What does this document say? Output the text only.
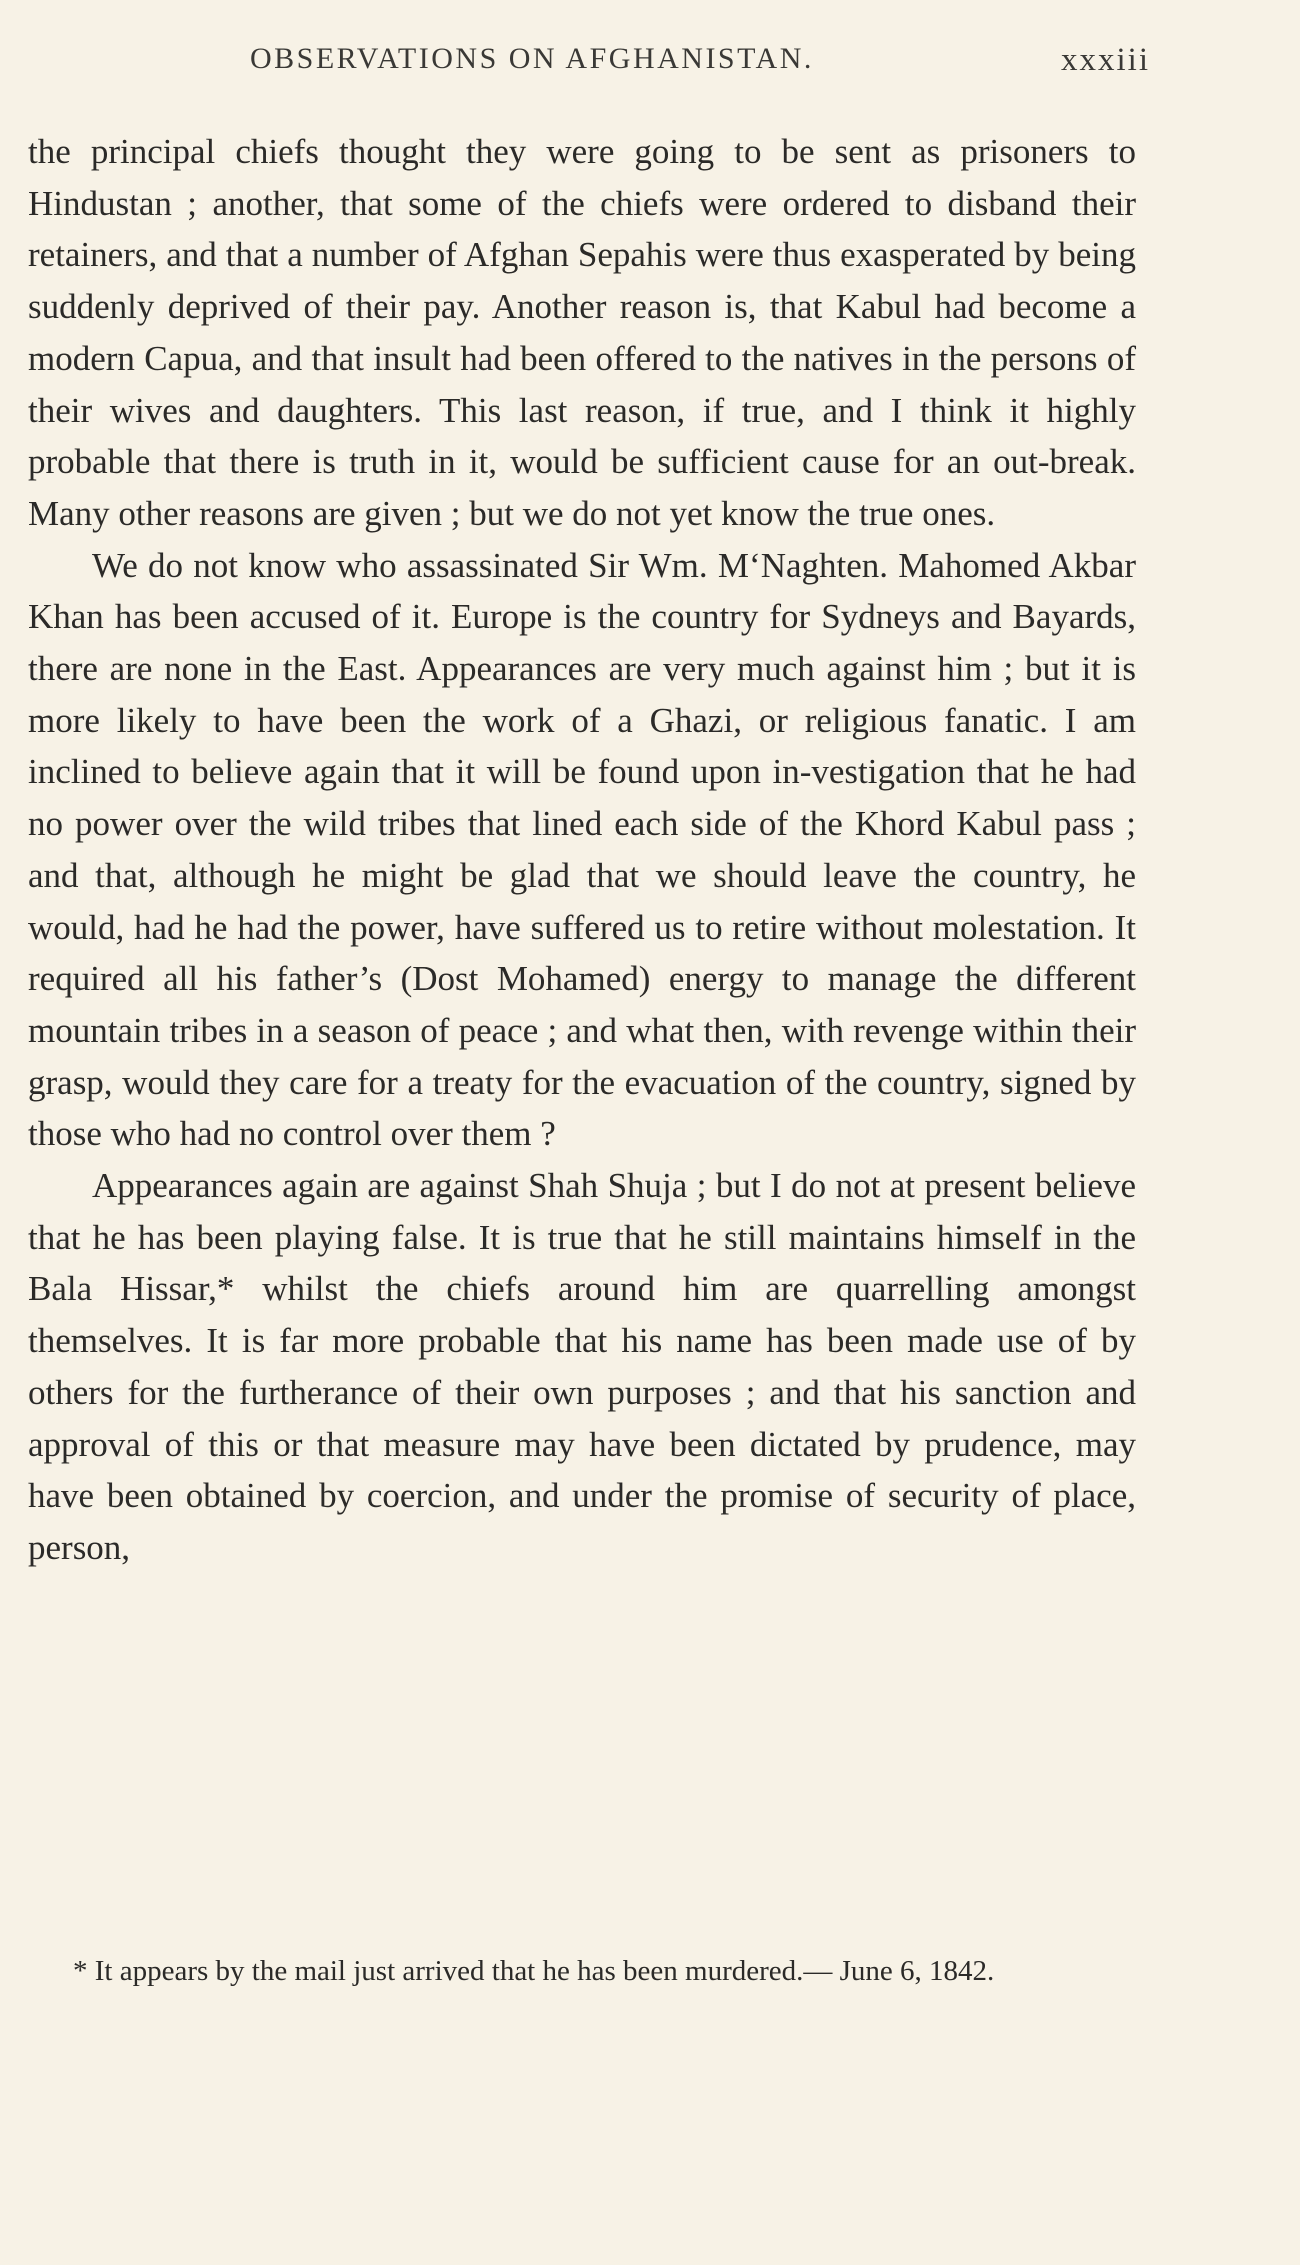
OBSERVATIONS ON AFGHANISTAN.	xxxiii

the principal chiefs thought they were going to be sent as prisoners to Hindustan ; another, that some of the chiefs were ordered to disband their retainers, and that a number of Afghan Sepahis were thus exasperated by being suddenly deprived of their pay. Another reason is, that Kabul had become a modern Capua, and that insult had been offered to the natives in the persons of their wives and daughters. This last reason, if true, and I think it highly probable that there is truth in it, would be sufficient cause for an out-break. Many other reasons are given ; but we do not yet know the true ones.

We do not know who assassinated Sir Wm. M‘Naghten. Mahomed Akbar Khan has been accused of it. Europe is the country for Sydneys and Bayards, there are none in the East. Appearances are very much against him ; but it is more likely to have been the work of a Ghazi, or religious fanatic. I am inclined to believe again that it will be found upon in-vestigation that he had no power over the wild tribes that lined each side of the Khord Kabul pass ; and that, although he might be glad that we should leave the country, he would, had he had the power, have suffered us to retire without molestation. It required all his father’s (Dost Mohamed) energy to manage the different mountain tribes in a season of peace ; and what then, with revenge within their grasp, would they care for a treaty for the evacuation of the country, signed by those who had no control over them ?

Appearances again are against Shah Shuja ; but I do not at present believe that he has been playing false. It is true that he still maintains himself in the Bala Hissar,* whilst the chiefs around him are quarrelling amongst themselves. It is far more probable that his name has been made use of by others for the furtherance of their own purposes ; and that his sanction and approval of this or that measure may have been dictated by prudence, may have been obtained by coercion, and under the promise of security of place, person,

* It appears by the mail just arrived that he has been murdered.— June 6, 1842.
